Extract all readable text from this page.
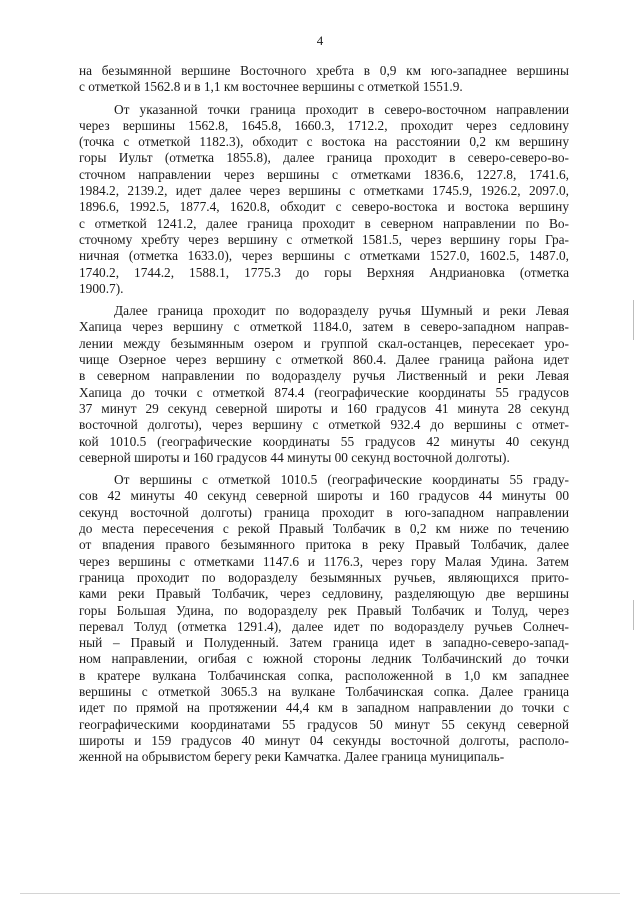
4

на безымянной вершине Восточного хребта в 0,9 км юго-западнее вершины
с отметкой 1562.8 и в 1,1 км восточнее вершины с отметкой 1551.9.

От указанной точки граница проходит в северо-восточном направлении
через вершины 1562.8, 1645.8, 1660.3, 1712.2, проходит через седловину
(точка с отметкой 1182.3), обходит с востока на расстоянии 0,2 км вершину
горы Иульт (отметка 1855.8), далее граница проходит в северо-северо-во-
сточном направлении через вершины с отметками 1836.6, 1227.8, 1741.6,
1984.2, 2139.2, идет далее через вершины с отметками 1745.9, 1926.2, 2097.0,
1896.6, 1992.5, 1877.4, 1620.8, обходит с северо-востока и востока вершину
с отметкой 1241.2, далее граница проходит в северном направлении по Во-
сточному хребту через вершину с отметкой 1581.5, через вершину горы Гра-
ничная (отметка 1633.0), через вершины с отметками 1527.0, 1602.5, 1487.0,
1740.2, 1744.2, 1588.1, 1775.3 до горы Верхняя Андриановка (отметка
1900.7).

Далее граница проходит по водоразделу ручья Шумный и реки Левая
Хапица через вершину с отметкой 1184.0, затем в северо-западном направ-
лении между безымянным озером и группой скал-останцев, пересекает уро-
чище Озерное через вершину с отметкой 860.4. Далее граница района идет
в северном направлении по водоразделу ручья Лиственный и реки Левая
Хапица до точки с отметкой 874.4 (географические координаты 55 градусов
37 минут 29 секунд северной широты и 160 градусов 41 минута 28 секунд
восточной долготы), через вершину с отметкой 932.4 до вершины с отмет-
кой 1010.5 (географические координаты 55 градусов 42 минуты 40 секунд
северной широты и 160 градусов 44 минуты 00 секунд восточной долготы).

От вершины с отметкой 1010.5 (географические координаты 55 граду-
сов 42 минуты 40 секунд северной широты и 160 градусов 44 минуты 00
секунд восточной долготы) граница проходит в юго-западном направлении
до места пересечения с рекой Правый Толбачик в 0,2 км ниже по течению
от впадения правого безымянного притока в реку Правый Толбачик, далее
через вершины с отметками 1147.6 и 1176.3, через гору Малая Удина. Затем
граница проходит по водоразделу безымянных ручьев, являющихся прито-
ками реки Правый Толбачик, через седловину, разделяющую две вершины
горы Большая Удина, по водоразделу рек Правый Толбачик и Толуд, через
перевал Толуд (отметка 1291.4), далее идет по водоразделу ручьев Солнеч-
ный – Правый и Полуденный. Затем граница идет в западно-северо-запад-
ном направлении, огибая с южной стороны ледник Толбачинский до точки
в кратере вулкана Толбачинская сопка, расположенной в 1,0 км западнее
вершины с отметкой 3065.3 на вулкане Толбачинская сопка. Далее граница
идет по прямой на протяжении 44,4 км в западном направлении до точки с
географическими координатами 55 градусов 50 минут 55 секунд северной
широты и 159 градусов 40 минут 04 секунды восточной долготы, располо-
женной на обрывистом берегу реки Камчатка. Далее граница муниципаль-
